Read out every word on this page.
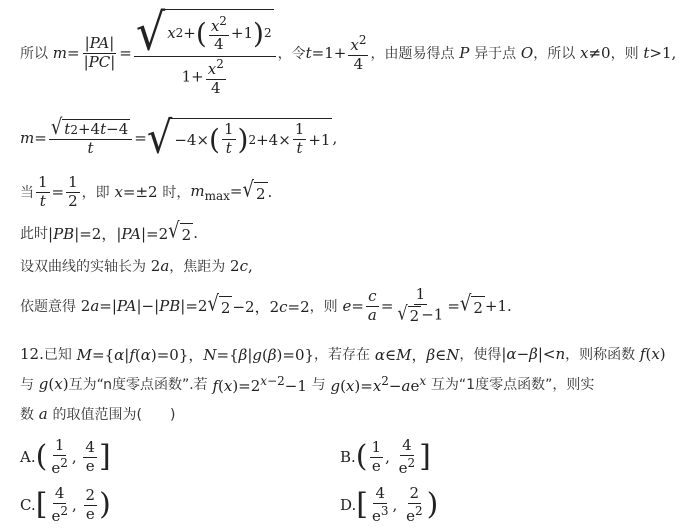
所以 $m= \frac{|PA|}{|PC|} = \frac{√ x 2 + ( \frac{x^2}{4} +1 ) 2}{1+ \frac{x^2}{4}}$ ，令 $t=1+ \frac{x^2}{4}$ ，由题易得点 P 异于点 O ，所以 x≠0 ，则 t>1,
$m= \frac{√ t 2 +4 t -4}{t}$ = √ −4× ( $\frac{1}{t}$ ) $2 +4\times \frac{1}{t} +1$ ,
当 $\frac{1}{t} = \frac{1}{2}$ ，即 x=±2 时， $m_{max}=$ √ 2 .
此时 |PB|=2，|PA|=2 √ 2 .
设双曲线的实轴长为 2a ，焦距为 2c,
依题意得 2a=|PA|−|PB|=2 √ 2 −2，2c=2 ，则 $e= \frac{c}{a} = \frac{1}{√ 2 -1}$ = √ 2 +1.
12. 已知 M={α|f(α)=0}，N={β|g(β)=0} ，若存在 α∈M，β∈N ，使得 |α−β|<n ，则称函数 f(x)
与 g(x) 互为 “n度零点函数” .若 $f(x)=2^{x-2}-1$ 与 $g(x)=x^2-ae^x$ 互为 “1度零点函数” ，则实
数 a 的取值范围为(　　)
A. ( $\frac{1}{e^2}$ , $\frac{4}{e}$ ]	B. ( $\frac{1}{e}$ , $\frac{4}{e^2}$ ]
C. [ $\frac{4}{e^2}$ , $\frac{2}{e}$ )	D. [ $\frac{4}{e^3}$ , $\frac{2}{e^2}$ )
